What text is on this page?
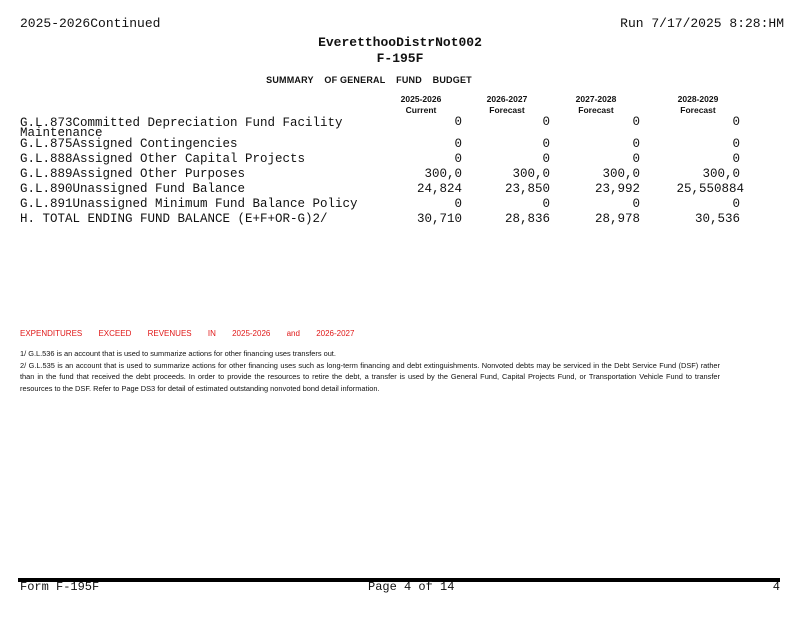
2025-2026Continued	Run 7/17/2025 8:28:HM
EveretthooDistrNot002
F-195F
SUMMARY OF GENERAL FUND BUDGET
2025-2026
Current
2026-2027
Forecast
2027-2028
Forecast
2028-2029
Forecast
G.L.873Committed Depreciation Fund Facility
Maintenance
0	0	0	0
G.L.875Assigned Contingencies	0	0	0	0
G.L.888Assigned Other Capital Projects	0	0	0	0
G.L.889Assigned Other Purposes	300,0	300,0	300,0	300,0
G.L.890Unassigned Fund Balance	24,824	23,850	23,992	25,550884
G.L.891Unassigned Minimum Fund Balance Policy	0	0	0	0
H. TOTAL ENDING FUND BALANCE (E+F+OR-G)2/	30,710	28,836	28,978	30,536
EXPENDITURES EXCEED REVENUES IN 2025-2026 and 2026-2027

1/ G.L.536 is an account that is used to summarize actions for other financing uses transfers out.

2/ G.L.535 is an account that is used to summarize actions for other financing uses such as long-term financing and debt extinguishments. Nonvoted debts may be serviced in the Debt Service Fund (DSF) rather than in the fund that received the debt proceeds. In order to provide the resources to retire the debt, a transfer is used by the General Fund, Capital Projects Fund, or Transportation Vehicle Fund to transfer resources to the DSF. Refer to Page DS3 for detail of estimated outstanding nonvoted bond detail information.

Form F-195F	Page 4 of 14	4
